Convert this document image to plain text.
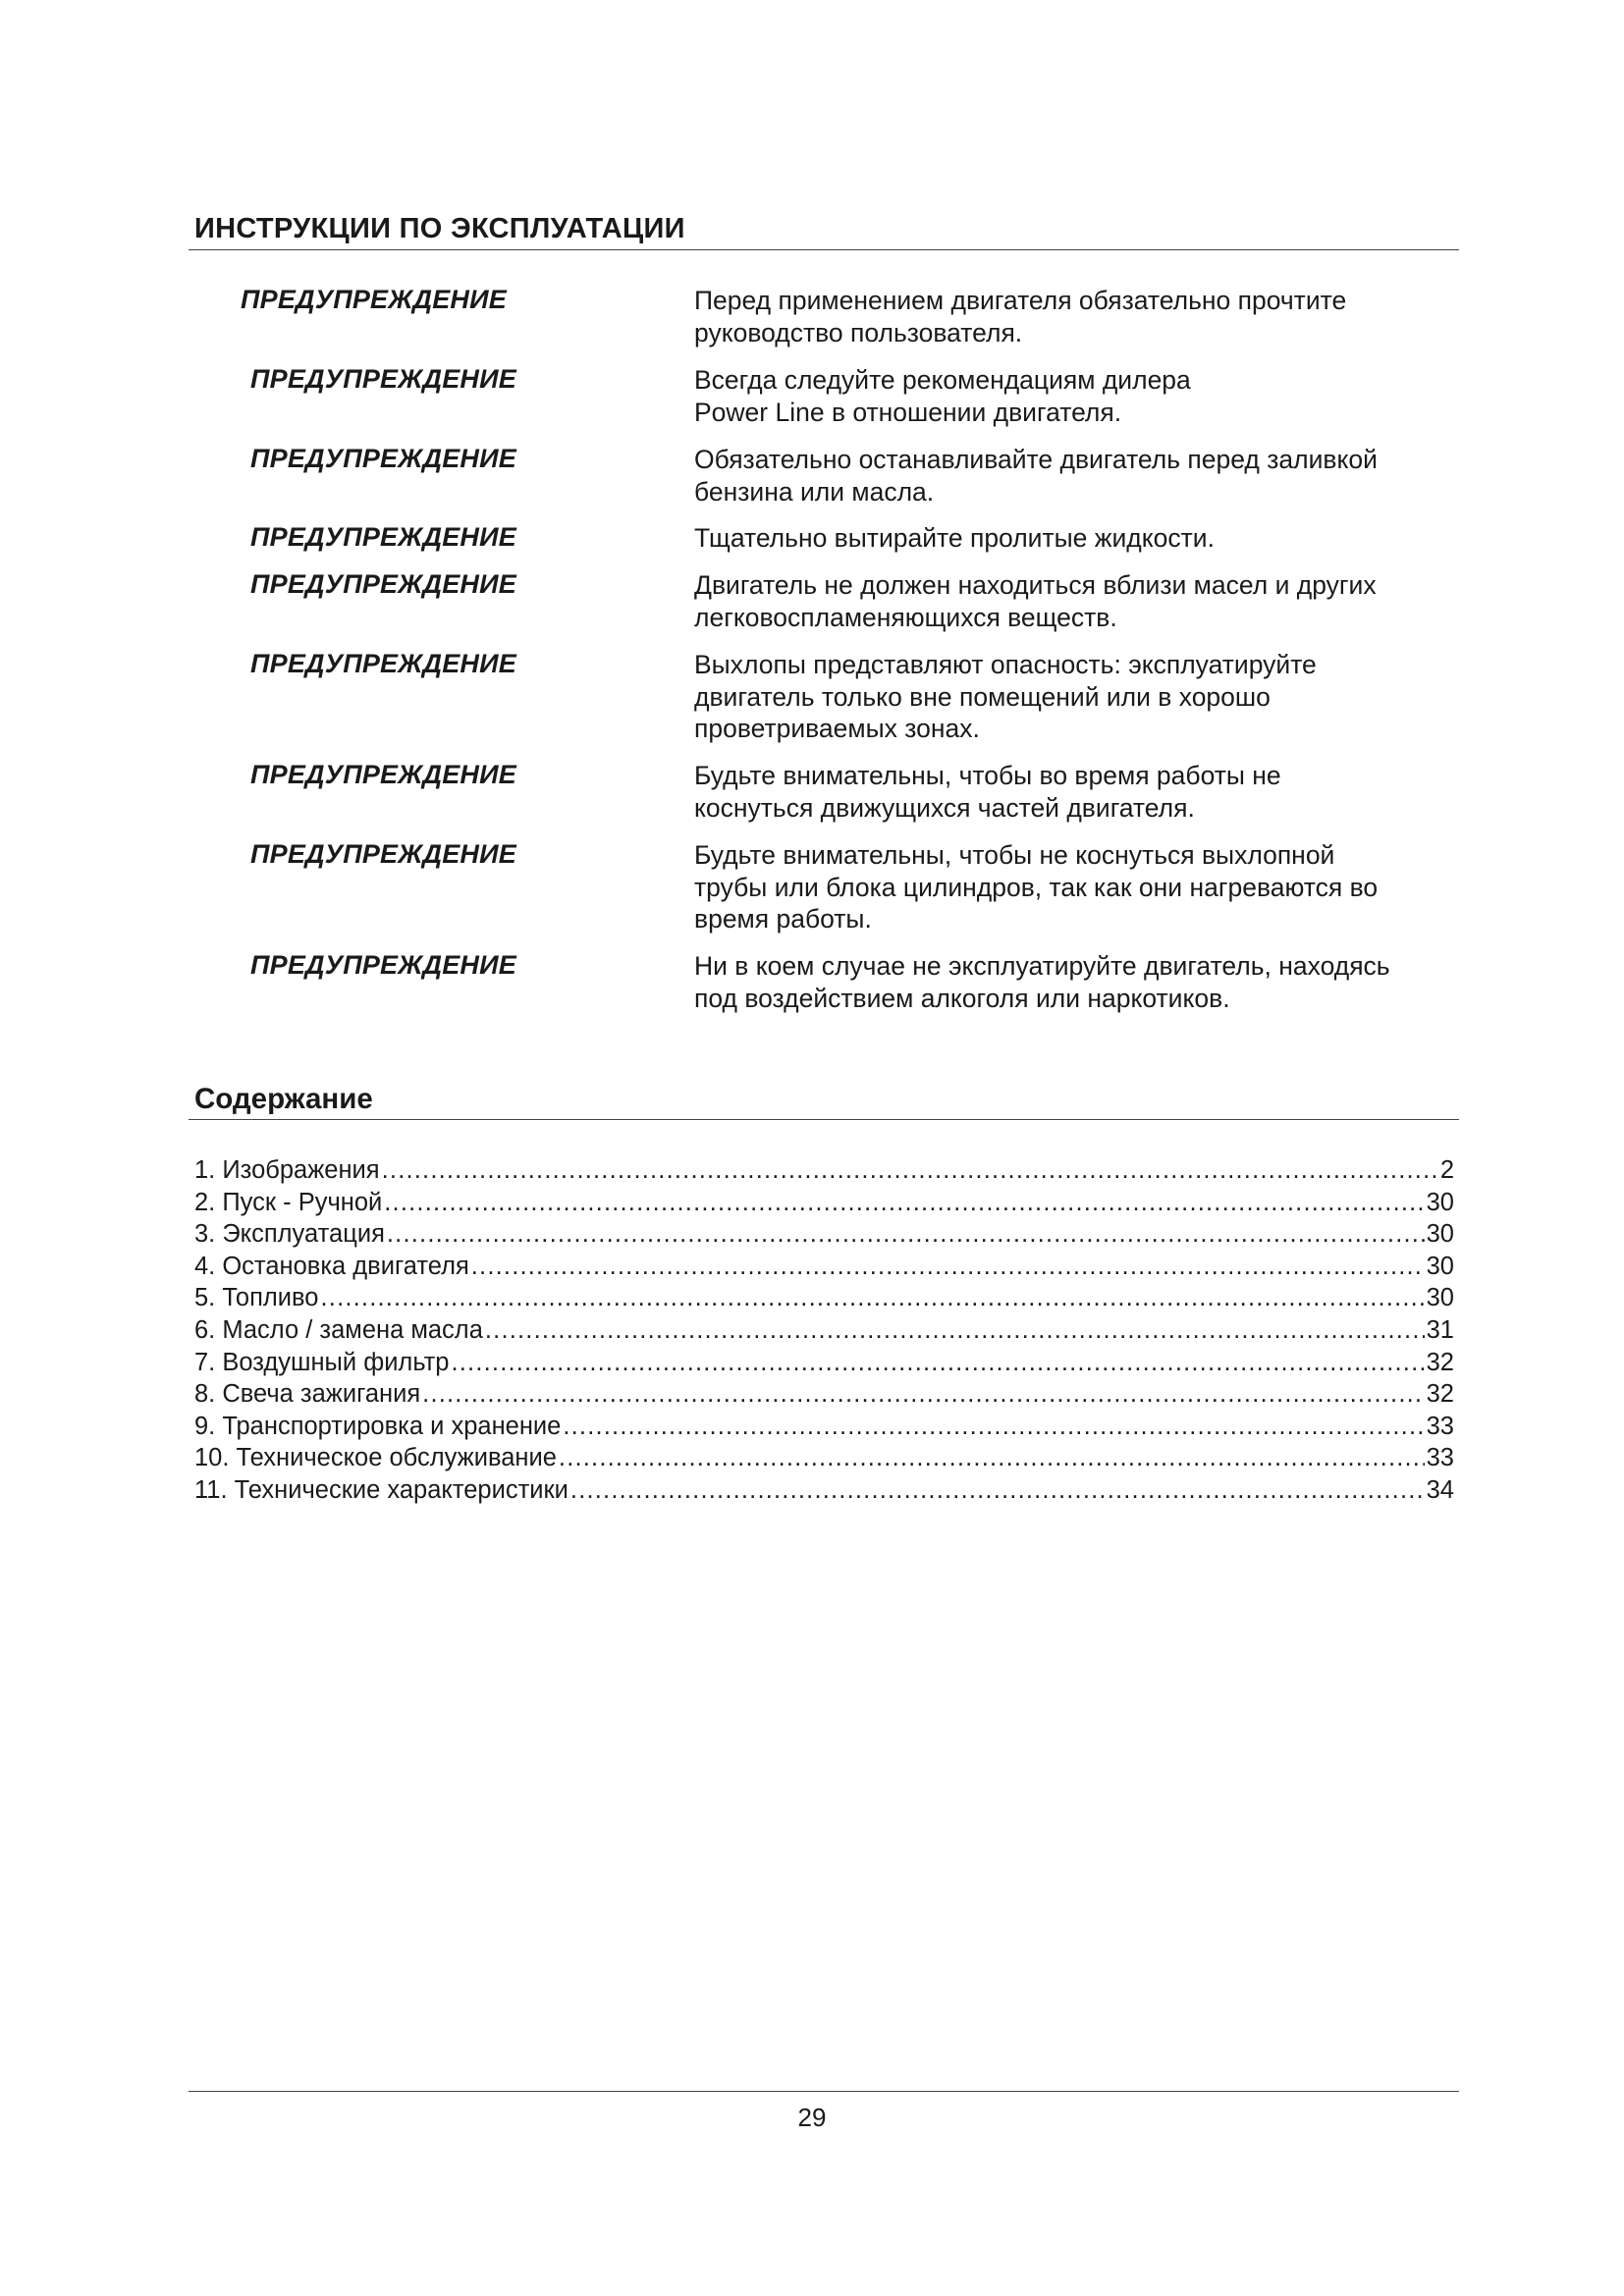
ИНСТРУКЦИИ ПО ЭКСПЛУАТАЦИИ
ПРЕДУПРЕЖДЕНИЕ	Перед применением двигателя обязательно прочтите
руководство пользователя.
ПРЕДУПРЕЖДЕНИЕ	Всегда следуйте рекомендациям дилера
Power Line в отношении двигателя.
ПРЕДУПРЕЖДЕНИЕ	Обязательно останавливайте двигатель перед заливкой
бензина или масла.
ПРЕДУПРЕЖДЕНИЕ	Тщательно вытирайте пролитые жидкости.
ПРЕДУПРЕЖДЕНИЕ	Двигатель не должен находиться вблизи масел и других
легковоспламеняющихся веществ.
ПРЕДУПРЕЖДЕНИЕ	Выхлопы представляют опасность: эксплуатируйте
двигатель только вне помещений или в хорошо
проветриваемых зонах.
ПРЕДУПРЕЖДЕНИЕ	Будьте внимательны, чтобы во время работы не
коснуться движущихся частей двигателя.
ПРЕДУПРЕЖДЕНИЕ	Будьте внимательны, чтобы не коснуться выхлопной
трубы или блока цилиндров, так как они нагреваются во
время работы.
ПРЕДУПРЕЖДЕНИЕ	Ни в коем случае не эксплуатируйте двигатель, находясь
под воздействием алкоголя или наркотиков.
Содержание
1. Изображения .....	2
2. Пуск - Ручной .....	30
3. Эксплуатация .....	30
4. Остановка двигателя .....	30
5. Топливо .....	30
6. Масло / замена масла .....	31
7. Воздушный фильтр .....	32
8. Свеча зажигания .....	32
9. Транспортировка и хранение .....	33
10. Техническое обслуживание .....	33
11. Технические характеристики .....	34
29
